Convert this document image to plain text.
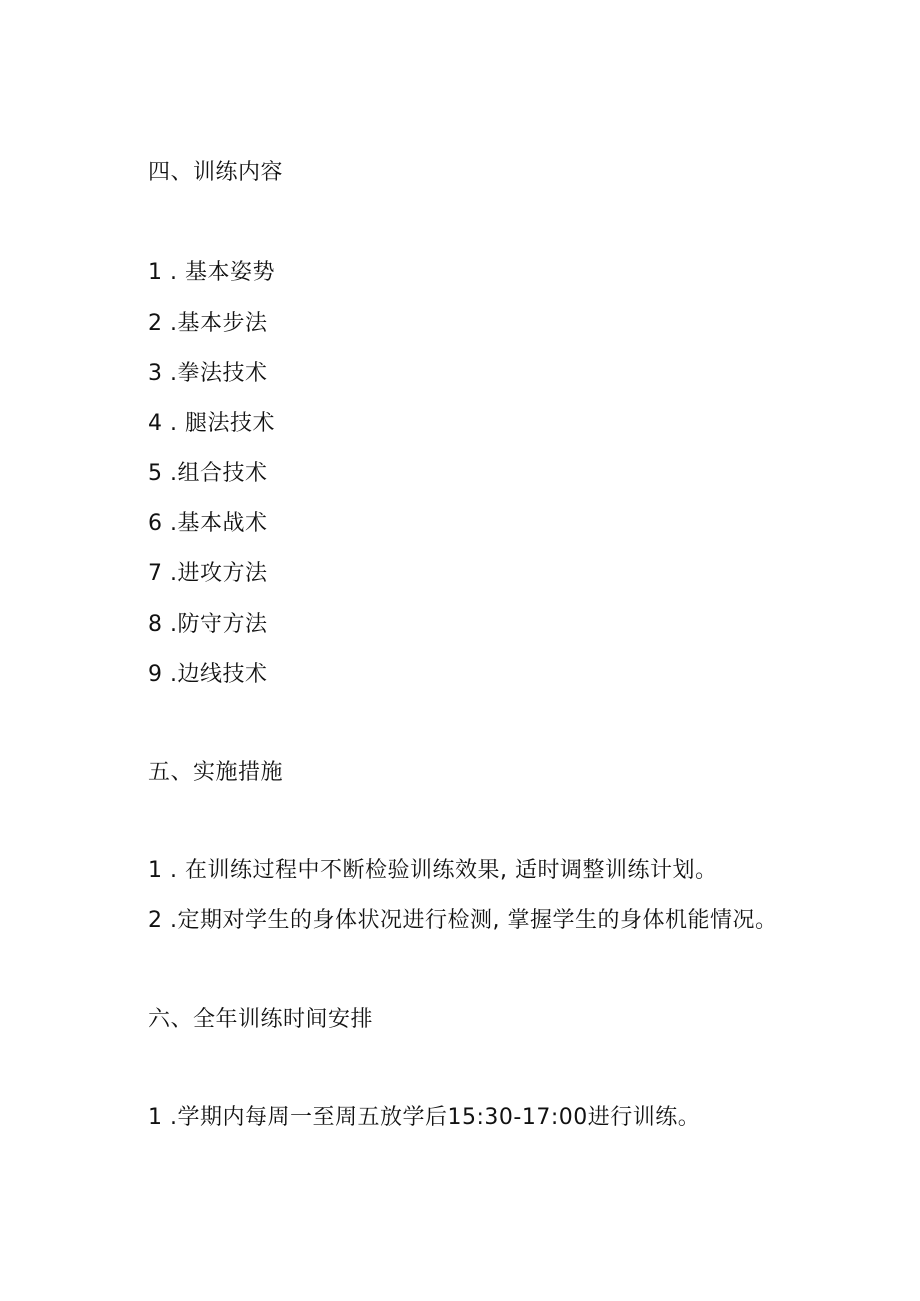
四、训练内容
1 . 基本姿势
2 .基本步法
3 .拳法技术
4 . 腿法技术
5 .组合技术
6 .基本战术
7 .进攻方法
8 .防守方法
9 .边线技术
五、实施措施
1 . 在训练过程中不断检验训练效果, 适时调整训练计划。
2 .定期对学生的身体状况进行检测, 掌握学生的身体机能情况。
六、全年训练时间安排
1 .学期内每周一至周五放学后15:30-17:00进行训练。
